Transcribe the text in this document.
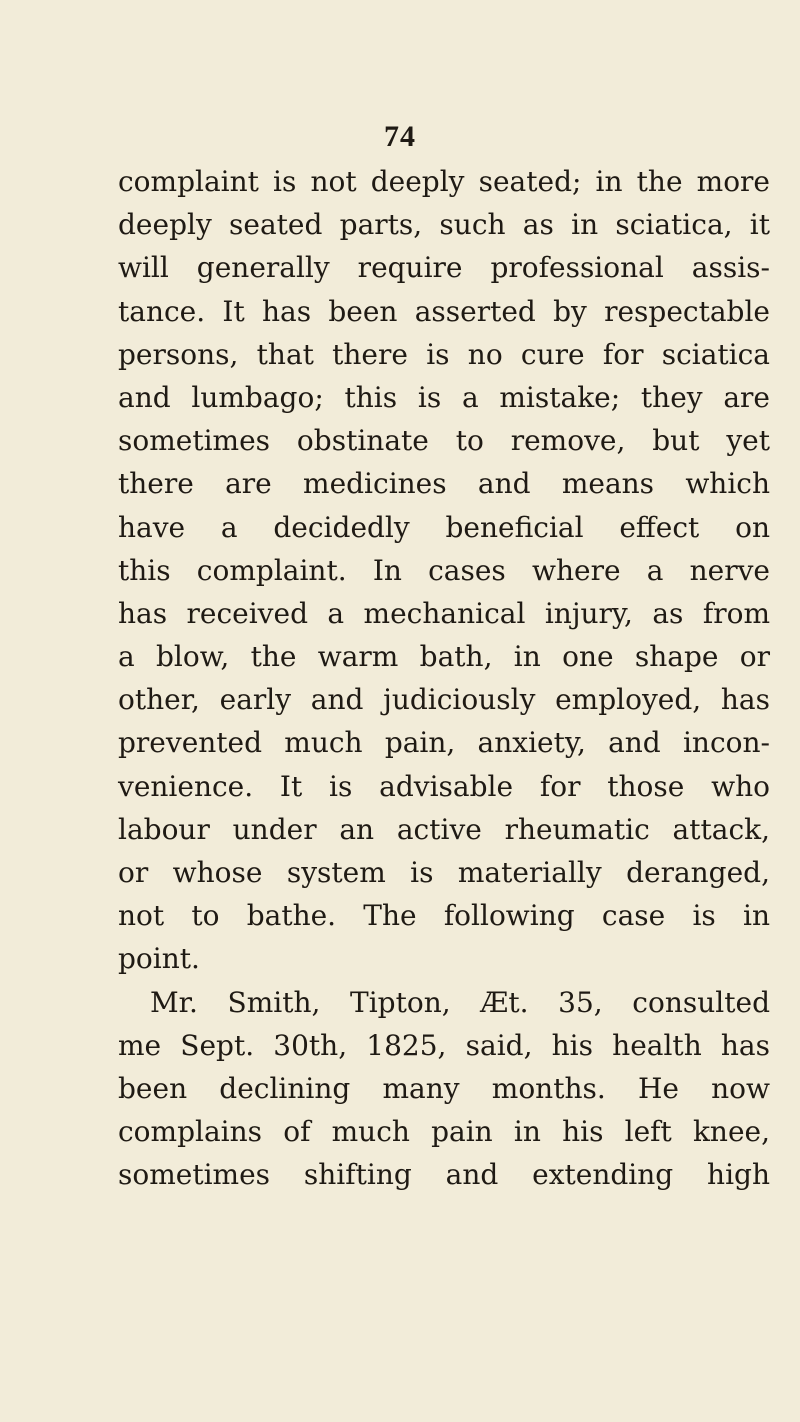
74
complaint is not deeply seated; in the more
deeply seated parts, such as in sciatica, it
will generally require professional assis-
tance. It has been asserted by respectable
persons, that there is no cure for sciatica
and lumbago; this is a mistake; they are
sometimes obstinate to remove, but yet
there are medicines and means which
have a decidedly beneficial effect on
this complaint. In cases where a nerve
has received a mechanical injury, as from
a blow, the warm bath, in one shape or
other, early and judiciously employed, has
prevented much pain, anxiety, and incon-
venience. It is advisable for those who
labour under an active rheumatic attack,
or whose system is materially deranged,
not to bathe. The following case is in
point.
Mr. Smith, Tipton, Æt. 35, consulted
me Sept. 30th, 1825, said, his health has
been declining many months. He now
complains of much pain in his left knee,
sometimes shifting and extending high
